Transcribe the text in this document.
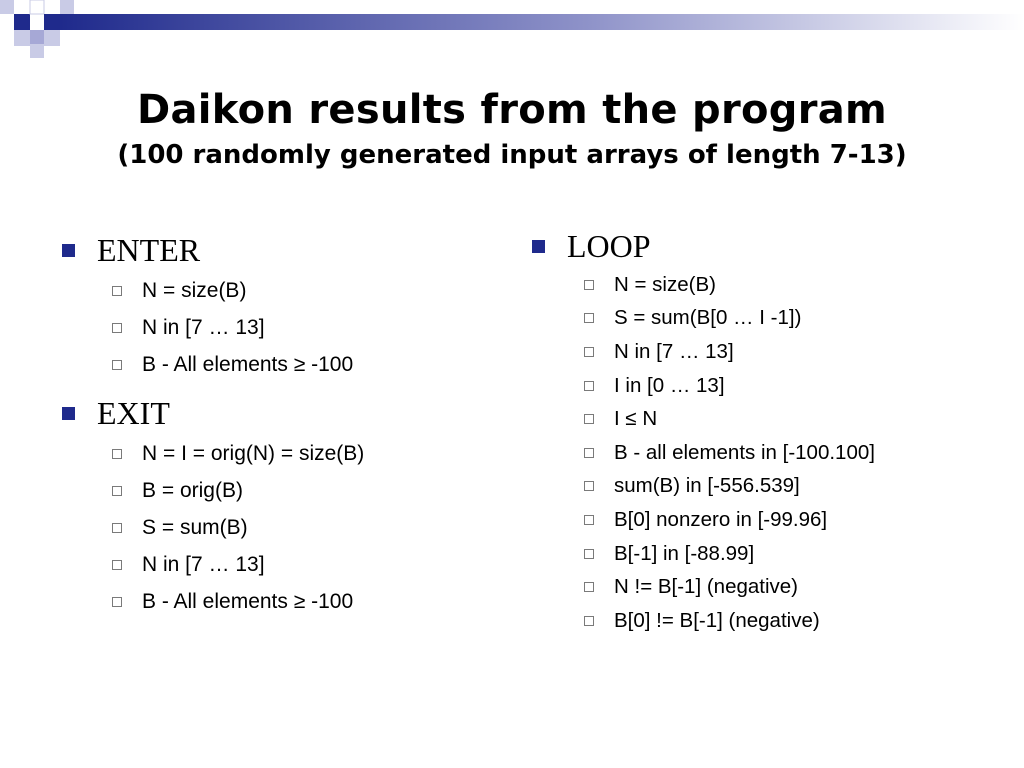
Daikon results from the program
(100 randomly generated input arrays of length 7-13)
ENTER
N = size(B)
N in [7 … 13]
B - All elements ≥ -100
EXIT
N = I = orig(N) = size(B)
B = orig(B)
S = sum(B)
N in [7 … 13]
B - All elements ≥ -100
LOOP
N = size(B)
S = sum(B[0 … I -1])
N in [7 … 13]
I in [0 … 13]
I ≤ N
B - all elements in [-100.100]
sum(B) in [-556.539]
B[0] nonzero in [-99.96]
B[-1] in [-88.99]
N != B[-1] (negative)
B[0] != B[-1] (negative)
